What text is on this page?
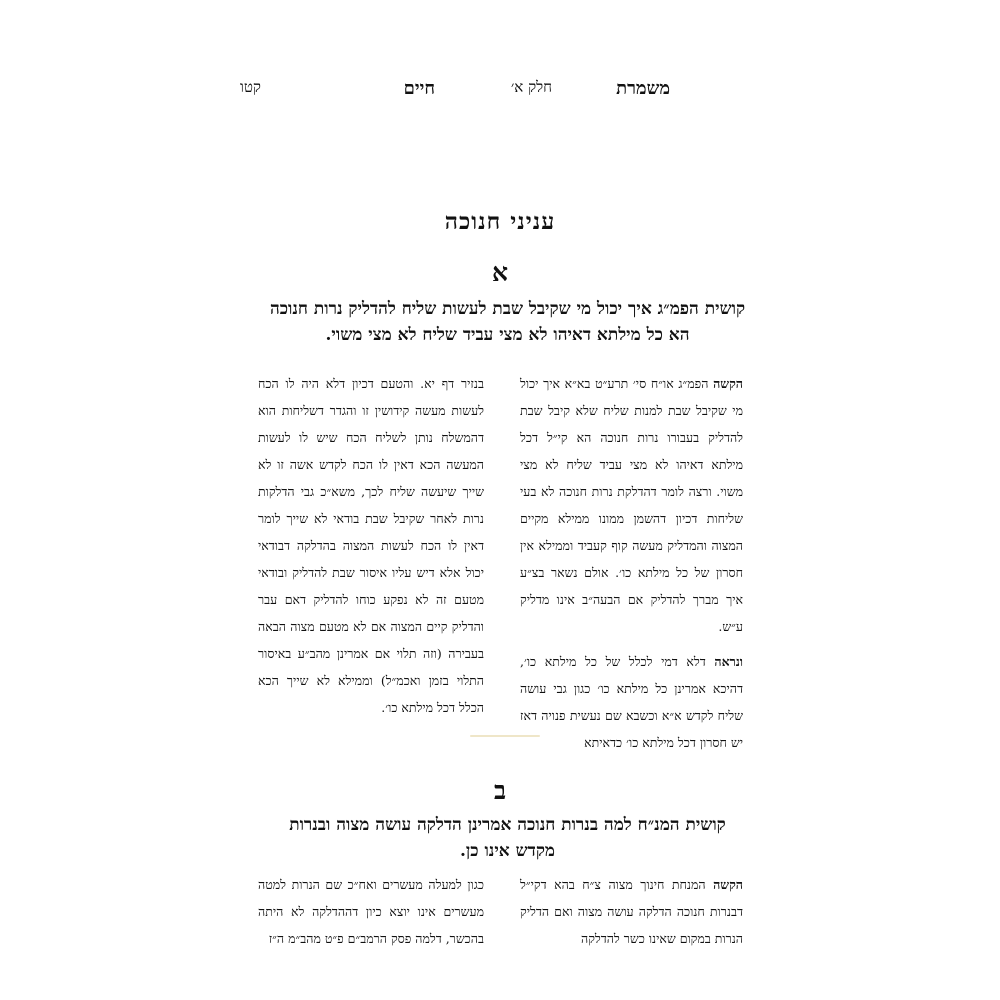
משמרת
חלק א׳
חיים
קטו
עניני חנוכה
א
קושית הפמ״ג איך יכול מי שקיבל שבת לעשות שליח להדליק נרות חנוכה
הא כל מילתא דאיהו לא מצי עביד שליח לא מצי משוי.

הקשה הפמ״ג או״ח סי׳ תרע״ט בא״א איך יכול מי שקיבל שבת למנות שליח שלא קיבל שבת להדליק בעבורו נרות חנוכה הא קי״ל דכל מילתא דאיהו לא מצי עביד שליח לא מצי משוי. ורצה לומר דהדלקת נרות חנוכה לא בעי שליחות דכיון דהשמן ממונו ממילא מקיים המצוה והמדליק מעשה קוף קעביד וממילא אין חסרון של כל מילתא כו׳. אולם נשאר בצ״ע איך מברך להדליק אם הבעה״ב אינו מדליק ע״ש.

ונראה דלא דמי לכלל של כל מילתא כו׳, דהיכא אמרינן כל מילתא כו׳ כגון גבי עושה שליח לקדש א״א וכשבא שם נעשית פנויה דאז יש חסרון דכל מילתא כו׳ כדאיתא

בנזיר דף יא. והטעם דכיון דלא היה לו הכח לעשות מעשה קידושין זו והגדר דשליחות הוא דהמשלח נותן לשליח הכח שיש לו לעשות המעשה הכא דאין לו הכח לקדש אשה זו לא שייך שיעשה שליח לכך, משא״כ גבי הדלקות נרות לאחר שקיבל שבת בודאי לא שייך לומר דאין לו הכח לעשות המצוה בהדלקה דבודאי יכול אלא דיש עליו איסור שבת להדליק ובודאי מטעם זה לא נפקע כוחו להדליק דאם עבר והדליק קיים המצוה אם לא מטעם מצוה הבאה בעבירה (וזה תלוי אם אמרינן מהב״ע באיסור התלוי בזמן ואכמ״ל) וממילא לא שייך הכא הכלל דכל מילתא כו׳.

ב
קושית המנ״ח למה בנרות חנוכה אמרינן הדלקה עושה מצוה ובנרות
מקדש אינו כן.

הקשה המנחת חינוך מצוה צ״ח בהא דקי״ל דבנרות חנוכה הדלקה עושה מצוה ואם הדליק הנרות במקום שאינו כשר להדלקה

כגון למעלה מעשרים ואח״כ שם הנרות למטה מעשרים אינו יוצא כיון דההדלקה לא היתה בהכשר, דלמה פסק הרמב״ם פ״ט מהב״מ ה״ז
